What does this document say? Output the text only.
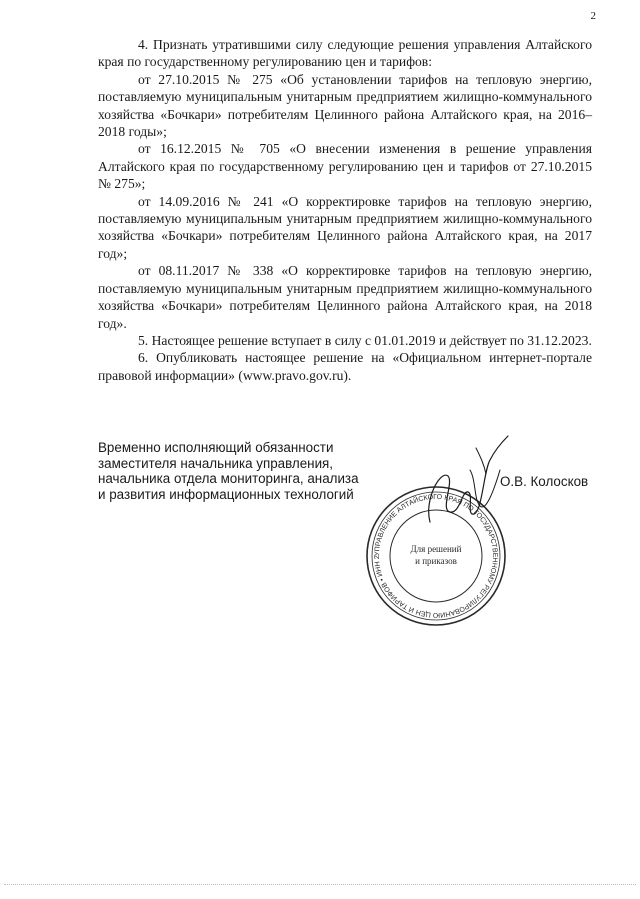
2

4. Признать утратившими силу следующие решения управления Алтайского края по государственному регулированию цен и тарифов:

от 27.10.2015 № 275 «Об установлении тарифов на тепловую энергию, поставляемую муниципальным унитарным предприятием жилищно-коммунального хозяйства «Бочкари» потребителям Целинного района Алтайского края, на 2016–2018 годы»;

от 16.12.2015 № 705 «О внесении изменения в решение управления Алтайского края по государственному регулированию цен и тарифов от 27.10.2015 № 275»;

от 14.09.2016 № 241 «О корректировке тарифов на тепловую энергию, поставляемую муниципальным унитарным предприятием жилищно-коммунального хозяйства «Бочкари» потребителям Целинного района Алтайского края, на 2017 год»;

от 08.11.2017 № 338 «О корректировке тарифов на тепловую энергию, поставляемую муниципальным унитарным предприятием жилищно-коммунального хозяйства «Бочкари» потребителям Целинного района Алтайского края, на 2018 год».

5. Настоящее решение вступает в силу с 01.01.2019 и действует по 31.12.2023.

6. Опубликовать настоящее решение на «Официальном интернет-портале правовой информации» (www.pravo.gov.ru).

Временно исполняющий обязанности
заместителя начальника управления,
начальника отдела мониторинга, анализа
и развития информационных технологий
О.В. Колосков
УПРАВЛЕНИЕ АЛТАЙСКОГО КРАЯ ПО ГОСУДАРСТВЕННОМУ РЕГУЛИРОВАНИЮ ЦЕН И ТАРИФОВ • ИНН 2
Для решений
и приказов
